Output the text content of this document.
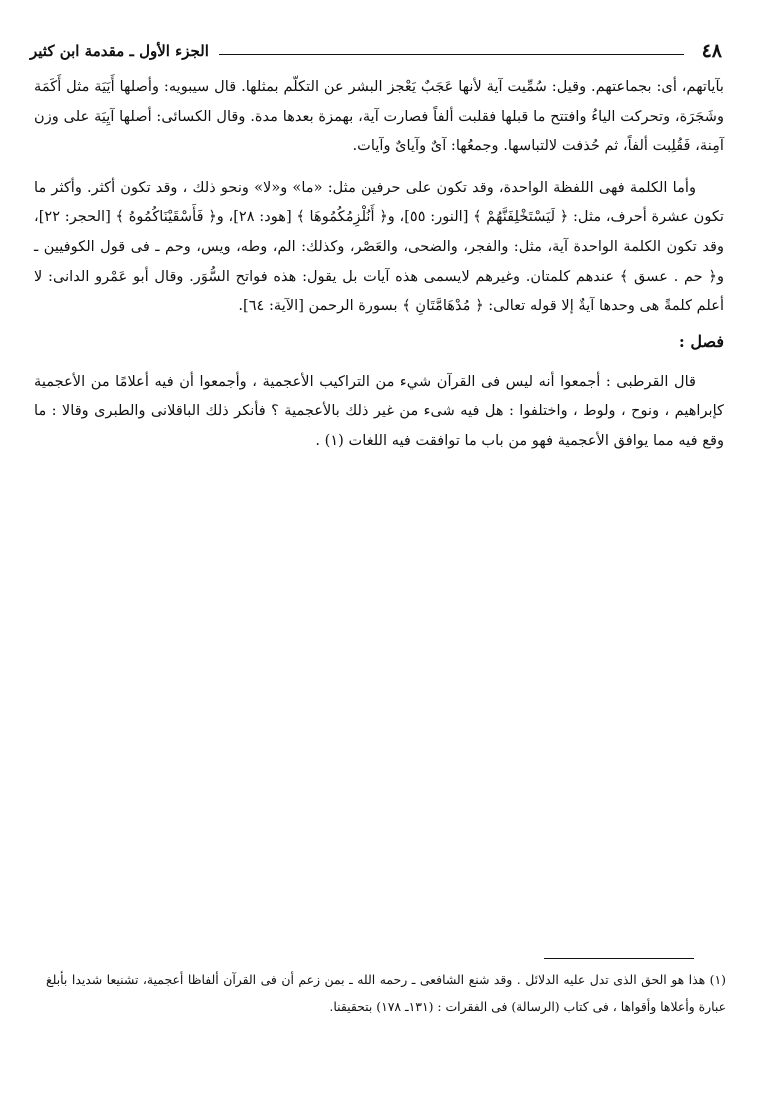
٤٨
الجزء الأول ـ مقدمة ابن كثير

بآياتهم، أى: بجماعتهم. وقيل: سُمِّيت آية لأنها عَجَبٌ يَعْجز البشر عن التكلّم بمثلها. قال سيبويه: وأصلها أَيَيَة مثل أَكَمَة وشَجَرَة، وتحركت الياءُ وافتتح ما قبلها فقلبت ألفاً فصارت آية، بهمزة بعدها مدة. وقال الكسائى: أصلها آيِيَة على وزن آمِنة، فَقُلِبت ألفاً، ثم حُذفت لالتباسها. وجمعُها: آىٌ وآياىٌ وآيات.

وأما الكلمة فهى اللفظة الواحدة، وقد تكون على حرفين مثل: «ما» و«لا» ونحو ذلك ، وقد تكون أكثر. وأكثر ما تكون عشرة أحرف، مثل: ﴿ لَيَسْتَخْلِفَنَّهُمْ ﴾ [النور: ٥٥]، و﴿ أَنُلْزِمُكُمُوهَا ﴾ [هود: ٢٨]، و﴿ فَأَسْقَيْنَاكُمُوهُ ﴾ [الحجر: ٢٢]، وقد تكون الكلمة الواحدة آية، مثل: والفجر، والضحى، والعَصْر، وكذلك: الم، وطه، ويس، وحم ـ فى قول الكوفيين ـ و﴿ حم . عسق ﴾ عندهم كلمتان. وغيرهم لايسمى هذه آيات بل يقول: هذه فواتح السُّوَر. وقال أبو عَمْرو الدانى: لا أعلم كلمةً هى وحدها آيةٌ إلا قوله تعالى: ﴿ مُدْهَامَّتَانِ ﴾ بسورة الرحمن [الآية: ٦٤].

فصل :

قال القرطبى : أجمعوا أنه ليس فى القرآن شيء من التراكيب الأعجمية ، وأجمعوا أن فيه أعلامًا من الأعجمية كإبراهيم ، ونوح ، ولوط ، واختلفوا : هل فيه شىء من غير ذلك بالأعجمية ؟ فأنكر ذلك الباقلانى والطبرى وقالا : ما وقع فيه مما يوافق الأعجمية فهو من باب ما توافقت فيه اللغات (١) .

(١) هذا هو الحق الذى تدل عليه الدلائل . وقد شنع الشافعى ـ رحمه الله ـ بمن زعم أن فى القرآن ألفاظا أعجمية، تشنيعا شديدا بأبلغ عبارة وأعلاها وأقواها ، فى كتاب (الرسالة) فى الفقرات : (١٣١ـ ١٧٨) بتحقيقنا.
